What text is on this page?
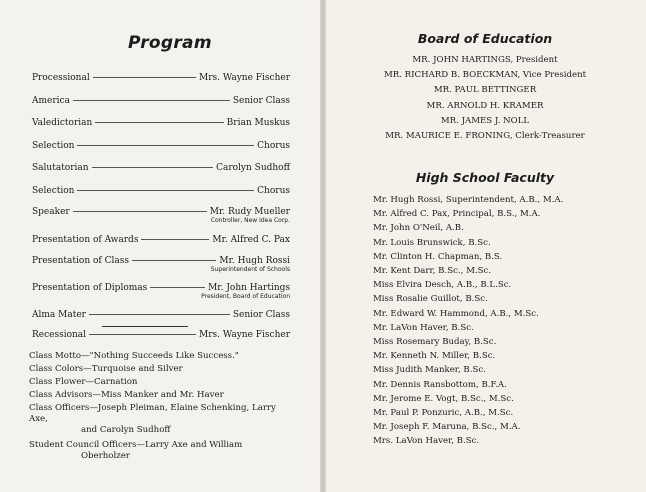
Program
Processional	Mrs. Wayne Fischer
America	Senior Class
Valedictorian	Brian Muskus
Selection	Chorus
Salutatorian	Carolyn Sudhoff
Selection	Chorus
Speaker	Mr. Rudy Mueller
Controller, New Idea Corp.
Presentation of Awards	Mr. Alfred C. Pax
Presentation of Class	Mr. Hugh Rossi
Superintendent of Schools
Presentation of Diplomas	Mr. John Hartings
President, Board of Education
Alma Mater	Senior Class
Recessional	Mrs. Wayne Fischer
Class Motto—"Nothing Succeeds Like Success."
Class Colors—Turquoise and Silver
Class Flower—Carnation
Class Advisors—Miss Manker and Mr. Haver
Class Officers—Joseph Pleiman, Elaine Schenking, Larry Axe,
and Carolyn Sudhoff
Student Council Officers—Larry Axe and William
Oberholzer
Board of Education
MR. JOHN HARTINGS, President
MR. RICHARD B. BOECKMAN, Vice President
MR. PAUL BETTINGER
MR. ARNOLD H. KRAMER
MR. JAMES J. NOLL
MR. MAURICE E. FRONING, Clerk-Treasurer
High School Faculty
Mr. Hugh Rossi, Superintendent, A.B., M.A.
Mr. Alfred C. Pax, Principal, B.S., M.A.
Mr. John O'Neil, A.B.
Mr. Louis Brunswick, B.Sc.
Mr. Clinton H. Chapman, B.S.
Mr. Kent Darr, B.Sc., M.Sc.
Miss Elvira Desch, A.B., B.L.Sc.
Miss Rosalie Guillot, B.Sc.
Mr. Edward W. Hammond, A.B., M.Sc.
Mr. LaVon Haver, B.Sc.
Miss Rosemary Buday, B.Sc.
Mr. Kenneth N. Miller, B.Sc.
Miss Judith Manker, B.Sc.
Mr. Dennis Ransbottom, B.F.A.
Mr. Jerome E. Vogt, B.Sc., M.Sc.
Mr. Paul P. Ponzuric, A.B., M.Sc.
Mr. Joseph F. Maruna, B.Sc., M.A.
Mrs. LaVon Haver, B.Sc.
